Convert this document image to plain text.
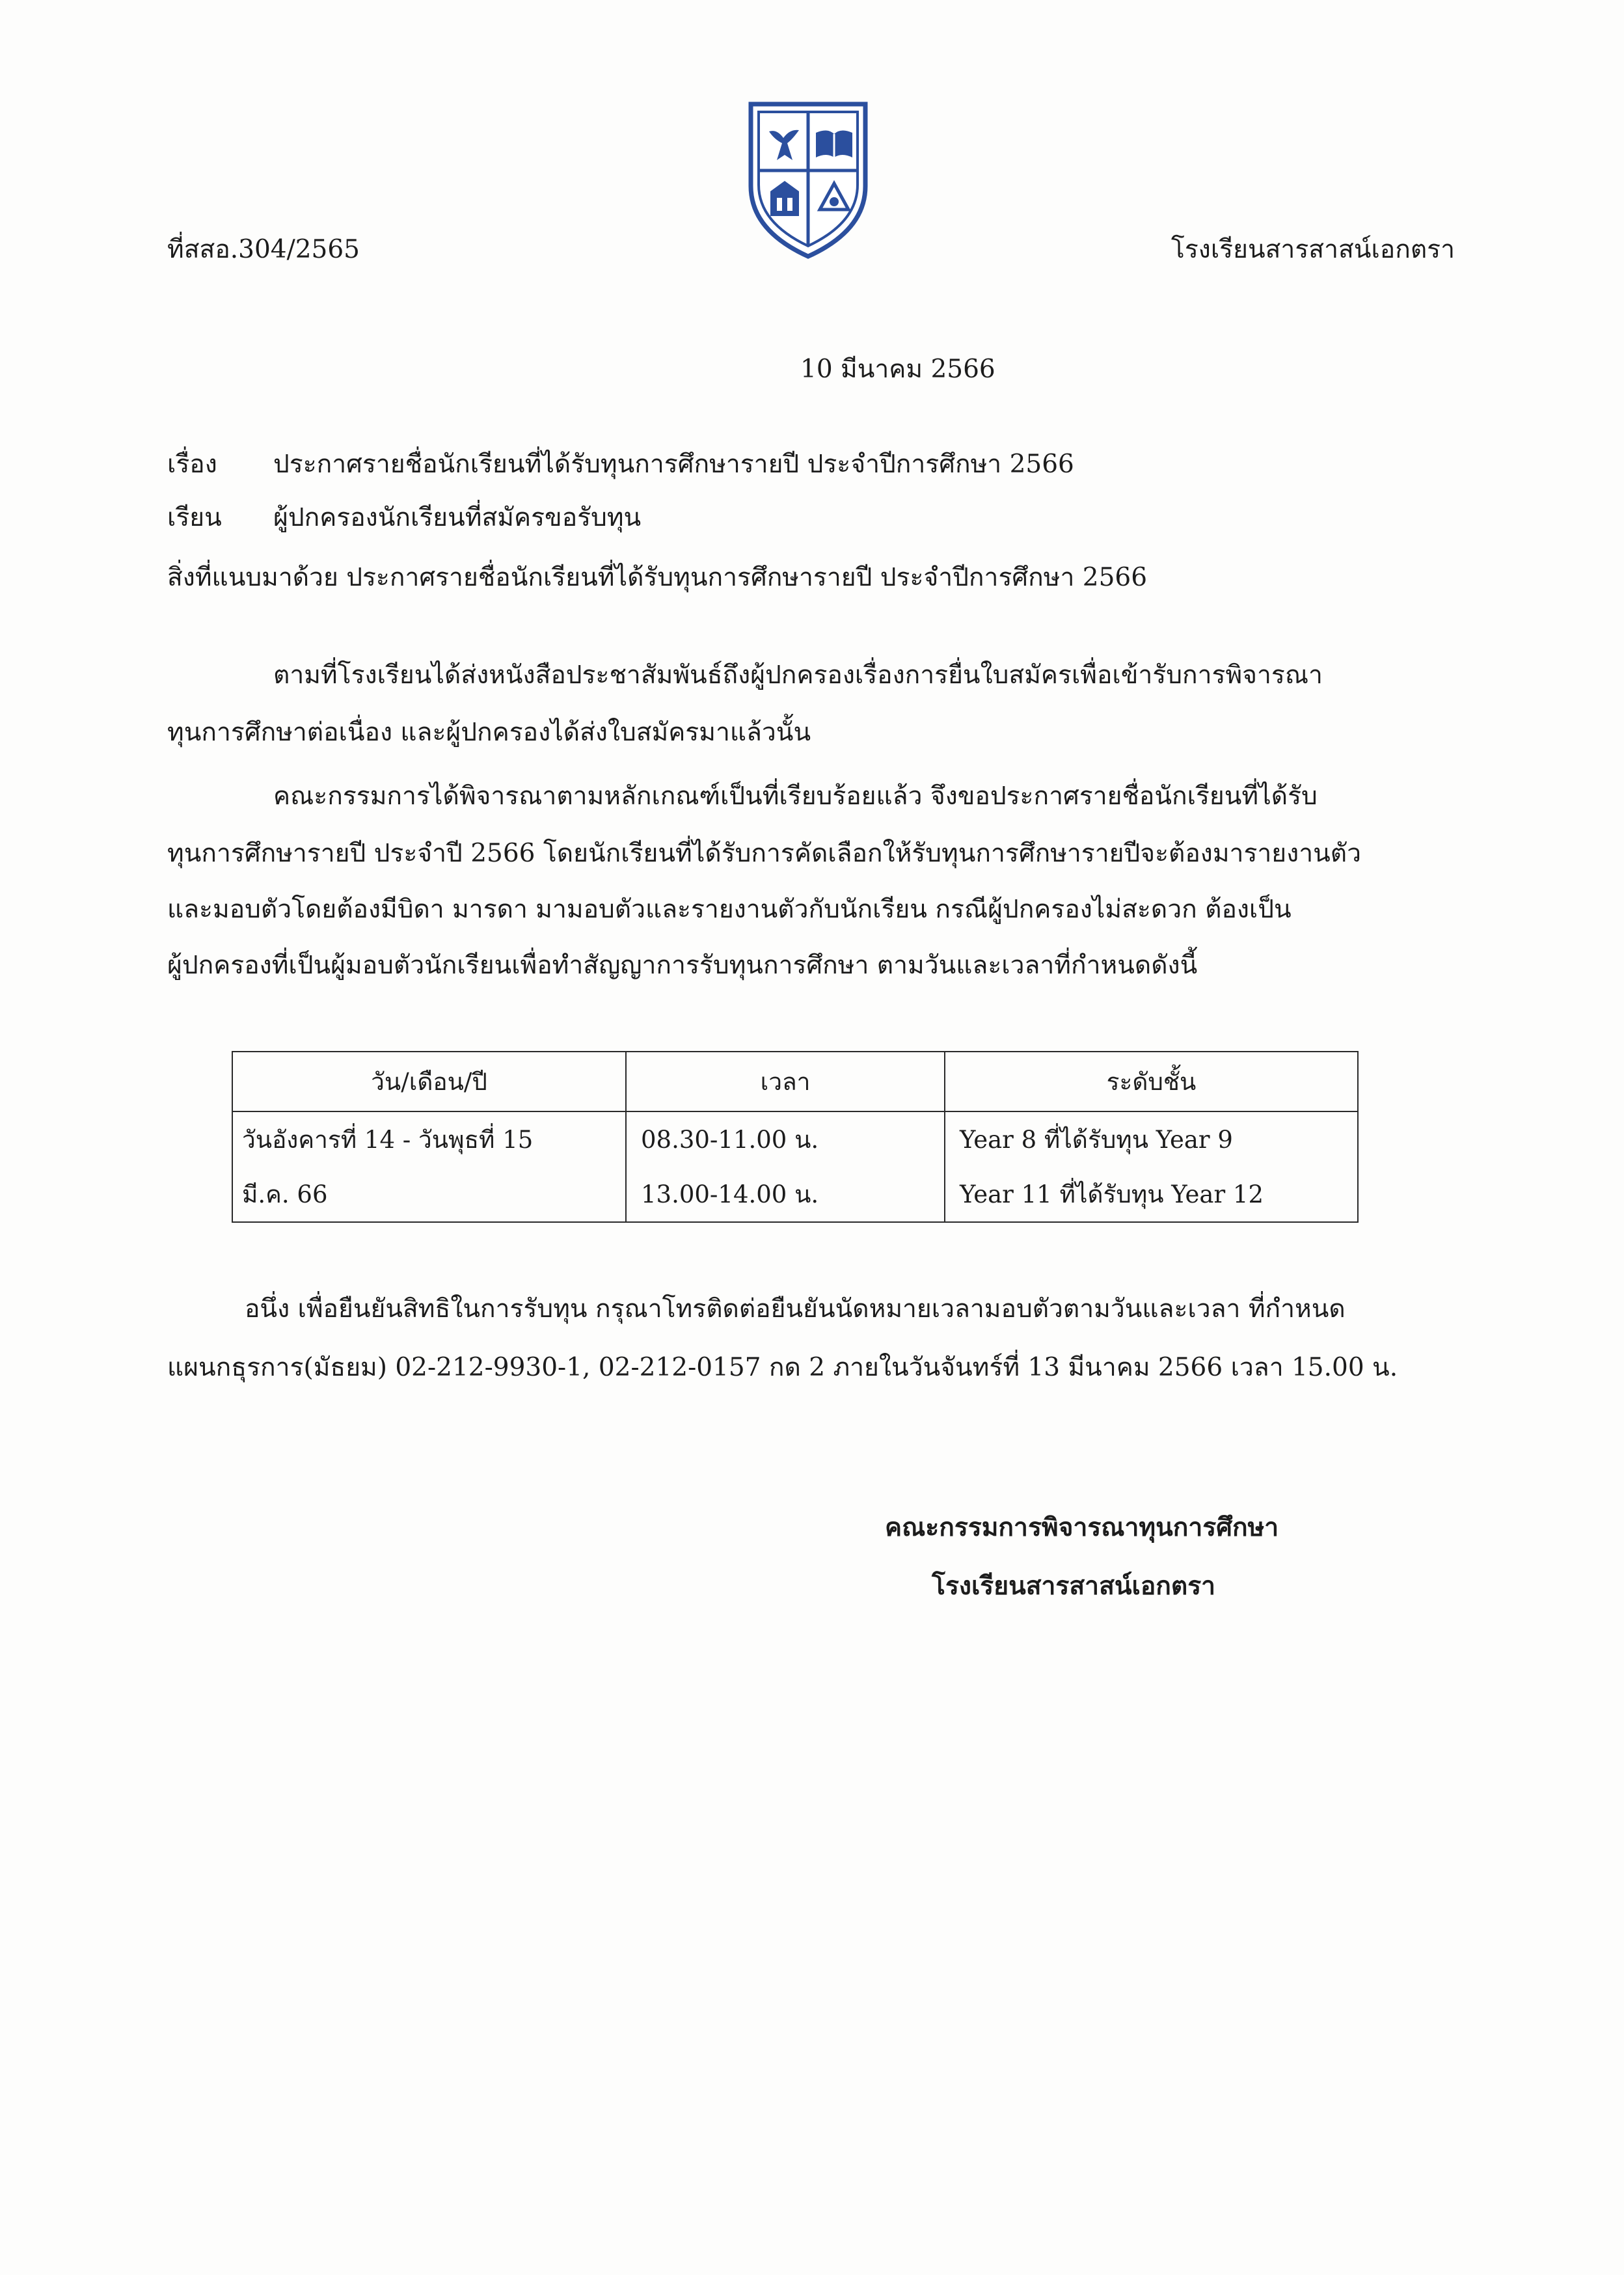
ที่สสอ.304/2565	โรงเรียนสารสาสน์เอกตรา
10 มีนาคม 2566
เรื่อง ประกาศรายชื่อนักเรียนที่ได้รับทุนการศึกษารายปี ประจำปีการศึกษา 2566
เรียน ผู้ปกครองนักเรียนที่สมัครขอรับทุน
สิ่งที่แนบมาด้วย ประกาศรายชื่อนักเรียนที่ได้รับทุนการศึกษารายปี ประจำปีการศึกษา 2566
ตามที่โรงเรียนได้ส่งหนังสือประชาสัมพันธ์ถึงผู้ปกครองเรื่องการยื่นใบสมัครเพื่อเข้ารับการพิจารณา
ทุนการศึกษาต่อเนื่อง และผู้ปกครองได้ส่งใบสมัครมาแล้วนั้น
คณะกรรมการได้พิจารณาตามหลักเกณฑ์เป็นที่เรียบร้อยแล้ว จึงขอประกาศรายชื่อนักเรียนที่ได้รับ
ทุนการศึกษารายปี ประจำปี 2566 โดยนักเรียนที่ได้รับการคัดเลือกให้รับทุนการศึกษารายปีจะต้องมารายงานตัว
และมอบตัวโดยต้องมีบิดา มารดา มามอบตัวและรายงานตัวกับนักเรียน กรณีผู้ปกครองไม่สะดวก ต้องเป็น
ผู้ปกครองที่เป็นผู้มอบตัวนักเรียนเพื่อทำสัญญาการรับทุนการศึกษา ตามวันและเวลาที่กำหนดดังนี้
วัน/เดือน/ปี	เวลา	ระดับชั้น
วันอังคารที่ 14 - วันพุธที่ 15	08.30-11.00 น.	Year 8 ที่ได้รับทุน Year 9
มี.ค. 66	13.00-14.00 น.	Year 11 ที่ได้รับทุน Year 12
อนึ่ง เพื่อยืนยันสิทธิในการรับทุน กรุณาโทรติดต่อยืนยันนัดหมายเวลามอบตัวตามวันและเวลา ที่กำหนด
แผนกธุรการ(มัธยม) 02-212-9930-1, 02-212-0157 กด 2 ภายในวันจันทร์ที่ 13 มีนาคม 2566 เวลา 15.00 น.
คณะกรรมการพิจารณาทุนการศึกษา
โรงเรียนสารสาสน์เอกตรา
